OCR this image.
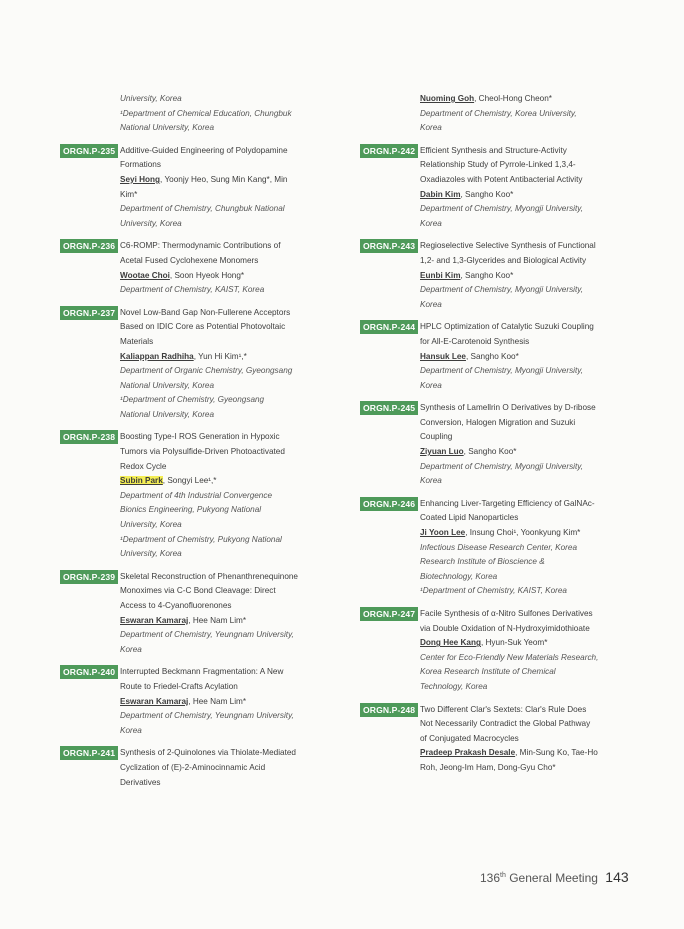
University, Korea
¹Department of Chemical Education, Chungbuk
National University, Korea
ORGN.P-235 Additive-Guided Engineering of Polydopamine
Formations
Seyi Hong, Yoonjy Heo, Sung Min Kang*, Min
Kim*
Department of Chemistry, Chungbuk National
University, Korea
ORGN.P-236 C6-ROMP: Thermodynamic Contributions of
Acetal Fused Cyclohexene Monomers
Wootae Choi, Soon Hyeok Hong*
Department of Chemistry, KAIST, Korea
ORGN.P-237 Novel Low-Band Gap Non-Fullerene Acceptors
Based on IDIC Core as Potential Photovoltaic
Materials
Kaliappan Radhiha, Yun Hi Kim¹,*
Department of Organic Chemistry, Gyeongsang
National University, Korea
¹Department of Chemistry, Gyeongsang
National University, Korea
ORGN.P-238 Boosting Type-I ROS Generation in Hypoxic
Tumors via Polysulfide-Driven Photoactivated
Redox Cycle
Subin Park, Songyi Lee¹,*
Department of 4th Industrial Convergence
Bionics Engineering, Pukyong National
University, Korea
¹Department of Chemistry, Pukyong National
University, Korea
ORGN.P-239 Skeletal Reconstruction of Phenanthrenequinone
Monoximes via C-C Bond Cleavage: Direct
Access to 4-Cyanofluorenones
Eswaran Kamaraj, Hee Nam Lim*
Department of Chemistry, Yeungnam University,
Korea
ORGN.P-240 Interrupted Beckmann Fragmentation: A New
Route to Friedel-Crafts Acylation
Eswaran Kamaraj, Hee Nam Lim*
Department of Chemistry, Yeungnam University,
Korea
ORGN.P-241 Synthesis of 2-Quinolones via Thiolate-Mediated
Cyclization of (E)-2-Aminocinnamic Acid
Derivatives
Nuoming Goh, Cheol-Hong Cheon*
Department of Chemistry, Korea University,
Korea
ORGN.P-242 Efficient Synthesis and Structure-Activity
Relationship Study of Pyrrole-Linked 1,3,4-
Oxadiazoles with Potent Antibacterial Activity
Dabin Kim, Sangho Koo*
Department of Chemistry, Myongji University,
Korea
ORGN.P-243 Regioselective Selective Synthesis of Functional
1,2- and 1,3-Glycerides and Biological Activity
Eunbi Kim, Sangho Koo*
Department of Chemistry, Myongji University,
Korea
ORGN.P-244 HPLC Optimization of Catalytic Suzuki Coupling
for All-E-Carotenoid Synthesis
Hansuk Lee, Sangho Koo*
Department of Chemistry, Myongji University,
Korea
ORGN.P-245 Synthesis of Lamellrin O Derivatives by D-ribose
Conversion, Halogen Migration and Suzuki
Coupling
Ziyuan Luo, Sangho Koo*
Department of Chemistry, Myongji University,
Korea
ORGN.P-246 Enhancing Liver-Targeting Efficiency of GalNAc-
Coated Lipid Nanoparticles
Ji Yoon Lee, Insung Choi¹, Yoonkyung Kim*
Infectious Disease Research Center, Korea
Research Institute of Bioscience &
Biotechnology, Korea
¹Department of Chemistry, KAIST, Korea
ORGN.P-247 Facile Synthesis of α-Nitro Sulfones Derivatives
via Double Oxidation of N-Hydroxyimidothioate
Dong Hee Kang, Hyun-Suk Yeom*
Center for Eco-Friendly New Materials Research,
Korea Research Institute of Chemical
Technology, Korea
ORGN.P-248 Two Different Clar's Sextets: Clar's Rule Does
Not Necessarily Contradict the Global Pathway
of Conjugated Macrocycles
Pradeep Prakash Desale, Min-Sung Ko, Tae-Ho
Roh, Jeong-Im Ham, Dong-Gyu Cho*
136th General Meeting 143
